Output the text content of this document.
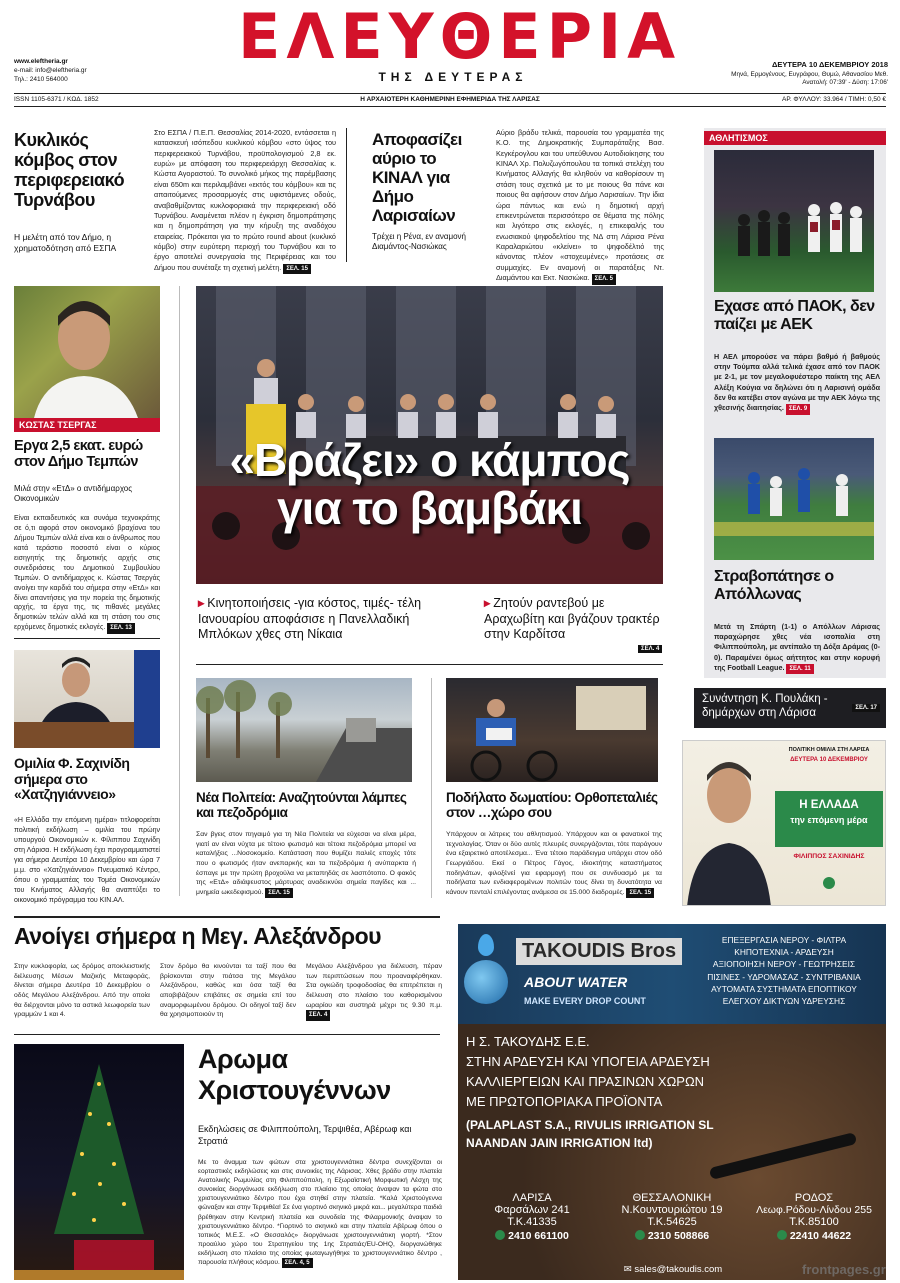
www.eleftheria.gr
e-mail: info@eleftheria.gr
Τηλ.: 2410 564000
ΕΛΕΥΘΕΡΙΑ
ΤΗΣ ΔΕΥΤΕΡΑΣ
ΔΕΥΤΕΡΑ 10 ΔΕΚΕΜΒΡΙΟΥ 2018
Μηνά, Ερμογένους, Ευγράφου, Θυμώ, Αθανασίου Μεθ.
Ανατολή: 07:39' - Δύση: 17:06'
ISSN 1105-6371 / ΚΩΔ. 1852	Η ΑΡΧΑΙΟΤΕΡΗ ΚΑΘΗΜΕΡΙΝΗ ΕΦΗΜΕΡΙΔΑ ΤΗΣ ΛΑΡΙΣΑΣ	ΑΡ. ΦΥΛΛΟΥ: 33.964 / ΤΙΜΗ: 0,50 €
Κυκλικός κόμβος στον περιφερειακό Τυρνάβου
Η μελέτη από τον Δήμο, η χρηματοδότηση από ΕΣΠΑ
Στο ΕΣΠΑ / Π.Ε.Π. Θεσσαλίας 2014-2020, εντάσσεται η κατασκευή ισόπεδου κυκλικού κόμβου «στο ύψος του περιφερειακού Τυρνάβου, προϋπολογισμού 2,8 εκ. ευρώ» με απόφαση του περιφερειάρχη Θεσσαλίας κ. Κώστα Αγοραστού. Το συνολικό μήκος της παρέμβασης είναι 650m και περιλαμβάνει «εκτός του κόμβου» και τις απαιτούμενες προσαρμογές στις υφιστάμενες οδούς, αναβαθμίζοντας κυκλοφοριακά την περιφερειακή οδό Τυρνάβου. Αναμένεται πλέον η έγκριση δημοπράτησης και η δημοπράτηση για την κήρυξη της αναδόχου εταιρείας. Πρόκειται για το πρώτο round about (κυκλικό κόμβο) στην ευρύτερη περιοχή του Τυρνάβου και το έργο αποτελεί συνεργασία της Περιφέρειας και του Δήμου που συνέταξε τη σχετική μελέτη. ΣΕΛ. 15
Αποφασίζει αύριο το ΚΙΝΑΛ για Δήμο Λαρισαίων
Τρέχει η Ρένα, εν αναμονή Διαμάντος-Νασιώκας
Αύριο βράδυ τελικά, παρουσία του γραμματέα της Κ.Ο. της Δημοκρατικής Συμπαράταξης Βασ. Κεγκέρογλου και του υπεύθυνου Αυτοδιοίκησης του ΚΙΝΑΛ Χρ. Πολυζωγόπουλου τα τοπικά στελέχη του Κινήματος Αλλαγής θα κληθούν να καθορίσουν τη στάση τους σχετικά με το με ποιους θα πάνε και ποιους θα αφήσουν στον Δήμο Λαρισαίων. Την ίδια ώρα πάντως και ενώ η δημοτική αρχή επικεντρώνεται περισσότερο σε θέματα της πόλης και λιγότερο στις εκλογές, η επικεφαλής του ενωσιακού ψηφοδελτίου της ΝΔ στη Λάρισα Ρένα Καραλαριώτου «κλείνει» το ψηφοδέλτιό της κάνοντας πλέον «στοχευμένες» προτάσεις σε συμμαχίες. Εν αναμονή οι παρατάξεις Ντ. Διαμάντου και Εκτ. Νασιώκα. ΣΕΛ. 5
ΑΘΛΗΤΙΣΜΟΣ
Εχασε από ΠΑΟΚ, δεν παίζει με ΑΕΚ
Η ΑΕΛ μπορούσε να πάρει βαθμό ή βαθμούς στην Τούμπα αλλά τελικά έχασε από τον ΠΑΟΚ με 2-1, με τον μεγαλοφυέστερο παίκτη της ΑΕΛ Αλέξη Κούγια να δηλώνει ότι η Λαρισινή ομάδα δεν θα κατέβει στον αγώνα με την ΑΕΚ λόγω της χθεσινής διαιτησίας. ΣΕΛ. 9
Στραβοπάτησε ο Απόλλωνας
Μετά τη Σπάρτη (1-1) ο Απόλλων Λάρισας παραχώρησε χθες νέα ισοπαλία στη Φιλιππούπολη, με αντίπαλο τη Δόξα Δράμας (0-0). Παραμένει όμως αήττητος και στην κορυφή της Football League. ΣΕΛ. 11
Συνάντηση Κ. Πουλάκη - δημάρχων στη Λάρισα	ΣΕΛ. 17
ΚΩΣΤΑΣ ΤΣΕΡΓΑΣ
Εργα 2,5 εκατ. ευρώ στον Δήμο Τεμπών
Μιλά στην «ΕτΔ» ο αντιδήμαρχος Οικονομικών
Είναι εκπαιδευτικός και συνάμα τεχνοκράτης σε ό,τι αφορά στον οικονομικό βραχίονα του Δήμου Τεμπών αλλά είναι και ο άνθρωπος που κατά τεράστιο ποσοστό είναι ο κύριος εισηγητής της δημοτικής αρχής στις συνεδριάσεις του Δημοτικού Συμβουλίου Τεμπών. Ο αντιδήμαρχος κ. Κώστας Τσεργάς ανοίγει την καρδιά του σήμερα στην «ΕτΔ» και δίνει απαντήσεις για την πορεία της δημοτικής αρχής, τα έργα της, τις πιθανές μεγάλες δημοτικών τελών αλλά και τη στάση του στις ερχόμενες δημοτικές εκλογές. ΣΕΛ. 13
Ομιλία Φ. Σαχινίδη σήμερα στο «Χατζηγιάννειο»
«Η Ελλάδα την επόμενη ημέρα» τιτλοφορείται πολιτική εκδήλωση – ομιλία του πρώην υπουργού Οικονομικών κ. Φίλιππου Σαχινίδη στη Λάρισα. Η εκδήλωση έχει προγραμματιστεί για σήμερα Δευτέρα 10 Δεκεμβρίου και ώρα 7 μ.μ. στο «Χατζηγιάννειο» Πνευματικό Κέντρο, όπου ο γραμματέας του Τομέα Οικονομικών του Κινήματος Αλλαγής θα αναπτύξει το οικονομικό πρόγραμμα του ΚΙΝ.ΑΛ.
«Βράζει» ο κάμπος
για το βαμβάκι
▸ Κινητοποιήσεις -για κόστος, τιμές- τέλη Ιανουαρίου αποφάσισε η Πανελλαδική Μπλόκων χθες στη Νίκαια
▸ Ζητούν ραντεβού με Αραχωβίτη και βγάζουν τρακτέρ στην Καρδίτσα
ΣΕΛ. 4
Νέα Πολιτεία: Αναζητούνται λάμπες και πεζοδρόμια
Σαν βγεις στον πηγαιμό για τη Νέα Πολιτεία να εύχεσαι να είναι μέρα, γιατί αν είναι νύχτα με τέτοιο φωτισμό και τέτοια πεζοδρόμια μπορεί να καταλήξεις ...Νοσοκομείο. Κατάσταση που θυμίζει παλιές εποχές τότε που ο φωτισμός ήταν ανεπαρκής και τα πεζοδρόμια ή ανύπαρκτα ή έσπαγε με την πρώτη βροχούλα να μεταπηδάς σε λασπότοπο. Ο φακός της «ΕτΔ» αδιάψευστος μάρτυρας αναδεικνύει σημεία παγίδες και ... μνημεία ωκεδεφισμού. ΣΕΛ. 15
Ποδήλατο δωματίου: Ορθοπεταλιές στον …χώρο σου
Υπάρχουν οι λάτρεις του αθλητισμού. Υπάρχουν και οι φανατικοί της τεχνολογίας. Όταν οι δύο αυτές πλευρές συνεργάζονται, τότε παράγουν ένα εξαιρετικό αποτέλεσμα... Ένα τέτοιο παράδειγμα υπάρχει στον οδό Γεωργιάδου. Εκεί ο Πέτρος Γάγος, ιδιοκτήτης καταστήματος ποδηλάτων, φιλοξένεί για εφαρμογή που σε συνδυασμό με τα ποδήλατα των ενδιαφερομένων πολιτών τους δίνει τη δυνατότητα να κάνουν πενταλί επιλέγοντας ανάμεσα σε 15.000 διαδρομές. ΣΕΛ. 15
ΠΟΛΙΤΙΚΗ ΟΜΙΛΙΑ ΣΤΗ ΛΑΡΙΣΑ
ΔΕΥΤΕΡΑ 10 ΔΕΚΕΜΒΡΙΟΥ
Η ΕΛΛΑΔΑ
την επόμενη μέρα
ΦΙΛΙΠΠΟΣ ΣΑΧΙΝΙΔΗΣ
Ανοίγει σήμερα η Μεγ. Αλεξάνδρου
Στην κυκλοφορία, ως δρόμος αποκλειστικής διέλευσης Μέσων Μαζικής Μεταφοράς, δίνεται σήμερα Δευτέρα 10 Δεκεμβρίου ο οδός Μεγάλου Αλεξάνδρου. Από την οποία θα διέρχονται μόνο τα αστικά λεωφορεία των γραμμών 1 και 4.
Στον δρόμο θα κινούνται τα ταξί που θα βρίσκονται στην πιάτσα της Μεγάλου Αλεξάνδρου, καθώς και όσα ταξί θα αποβιβάζουν επιβάτες σε σημεία επί του αναμορφωμένου δρόμου. Οι οδηγοί ταξί δεν θα χρησιμοποιούν τη
Μεγάλου Αλεξάνδρου για διέλευση, πέραν των περιπτώσεων που προαναφέρθηκαν. Στα ογκώδη τροφοδοσίας θα επιτρέπεται η διέλευση στο πλαίσιο του καθορισμένου ωραρίου και συστηρά μέχρι τις 9.30 π.μ. ΣΕΛ. 4
Αρωμα Χριστουγέννων
Εκδηλώσεις σε Φιλιππούπολη, Τερψιθέα, Αβέρωφ και Στρατιά
Με το άναμμα των φώτων στα χριστουγεννιάτικα δέντρα συνεχίζονται οι εορταστικές εκδηλώσεις και στις συνοικίες της Λάρισας. Χθες βράδυ στην πλατεία Ανατολικής Ρωμυλίας στη Φιλιππούπολη, η Εξωραϊστική Μορφωτική Λέσχη της συνοικίας διοργάνωσε εκδήλωση στο πλαίσιο της οποίας άναψαν τα φώτα στο χριστουγεννιάτικο δέντρο που έχει στηθεί στην πλατεία. *Καλά Χριστούγεννα φώναξαν και στην Τερψιθέα! Σε ένα γιορτινό σκηνικό μικρά και... μεγαλύτερα παιδιά βρέθηκαν στην Κεντρική πλατεία και συνοδεία της Φιλαρμονικής άναψαν το χριστουγεννιάτικο δέντρο. *Γιορτινό το σκηνικό και στην πλατεία Αβέρωφ όπου ο τοπικός Μ.Ε.Σ. «Ο Θεσσαλός» διοργάνωσε χριστουγεννιάτικη γιορτή. *Στον προαύλιο χώρο του Στρατηγείου της 1ης Στρατιάς/EU-OHQ, διοργανώθηκε εκδήλωση στο πλαίσιο της οποίας φωταγωγήθηκε το χριστουγεννιάτικο δέντρο , παρουσία πλήθους κόσμου. ΣΕΛ. 4, 5
TAKOUDIS Bros
ABOUT WATER
MAKE EVERY DROP COUNT
ΕΠΕΞΕΡΓΑΣΙΑ ΝΕΡΟΥ - ΦΙΛΤΡΑ
ΚΗΠΟΤΕΧΝΙΑ - ΑΡΔΕΥΣΗ
ΑΞΙΟΠΟΙΗΣΗ ΝΕΡΟΥ - ΓΕΩΤΡΗΣΕΙΣ
ΠΙΣΙΝΕΣ - ΥΔΡΟΜΑΣΑΖ - ΣΥΝΤΡΙΒΑΝΙΑ
ΑΥΤΟΜΑΤΑ ΣΥΣΤΗΜΑΤΑ ΕΠΟΠΤΙΚΟΥ
ΕΛΕΓΧΟΥ ΔΙΚΤΥΩΝ ΥΔΡΕΥΣΗΣ
Η Σ. ΤΑΚΟΥΔΗΣ Ε.Ε.
ΣΤΗΝ ΑΡΔΕΥΣΗ ΚΑΙ ΥΠΟΓΕΙΑ ΑΡΔΕΥΣΗ
ΚΑΛΛΙΕΡΓΕΙΩΝ ΚΑΙ ΠΡΑΣΙΝΩΝ ΧΩΡΩΝ
ΜΕ ΠΡΩΤΟΠΟΡΙΑΚΑ ΠΡΟΪΟΝΤΑ
(PALAPLAST S.A., RIVULIS IRRIGATION SL
NAANDAN JAIN IRRIGATION ltd)
ΛΑΡΙΣΑ
Φαρσάλων 241
Τ.Κ.41335
2410 661100
ΘΕΣΣΑΛΟΝΙΚΗ
Ν.Κουντουριώτου 19
Τ.Κ.54625
2310 508866
ΡΟΔΟΣ
Λεωφ.Ρόδου-Λίνδου 255
Τ.Κ.85100
22410 44622
✉ sales@takoudis.com	frontpages.gr
